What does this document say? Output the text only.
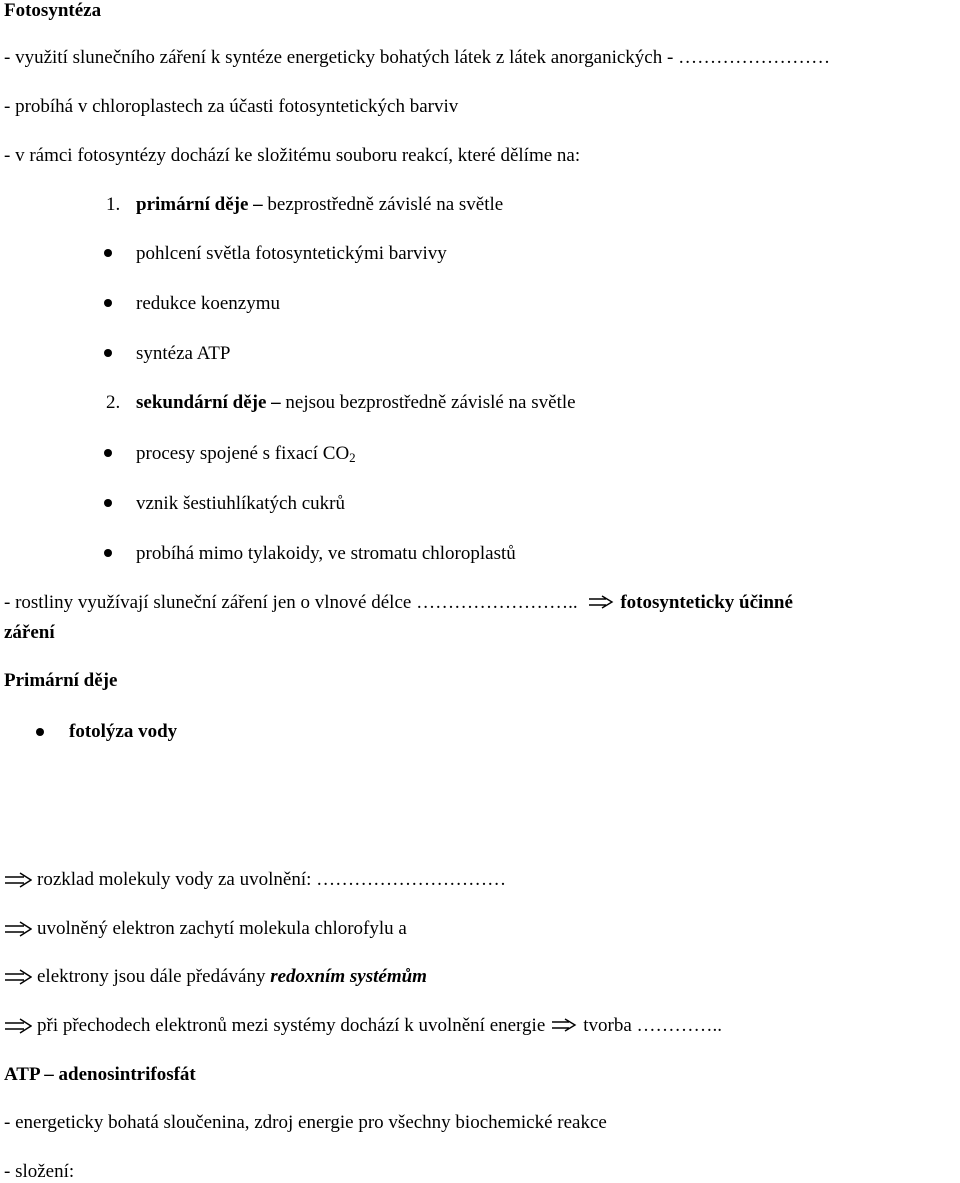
Fotosyntéza
- využití slunečního záření k syntéze energeticky bohatých látek z látek anorganických - ……………………
- probíhá v chloroplastech za účasti fotosyntetických barviv
- v rámci fotosyntézy dochází ke složitému souboru reakcí, které dělíme na:
1. primární děje – bezprostředně závislé na světle
pohlcení světla fotosyntetickými barvivy
redukce koenzymu
syntéza ATP
2. sekundární děje – nejsou bezprostředně závislé na světle
procesy spojené s fixací $CO_2$
vznik šestiuhlíkatých cukrů
probíhá mimo tylakoidy, ve stromatu chloroplastů
- rostliny využívají sluneční záření jen o vlnové délce …………………….. fotosynteticky účinné
záření
Primární děje
fotolýza vody
rozklad molekuly vody za uvolnění: …………………………
uvolněný elektron zachytí molekula chlorofylu a
elektrony jsou dále předávány redoxním systémům
při přechodech elektronů mezi systémy dochází k uvolnění energie tvorba …………..
ATP – adenosintrifosfát
- energeticky bohatá sloučenina, zdroj energie pro všechny biochemické reakce
- složení:
